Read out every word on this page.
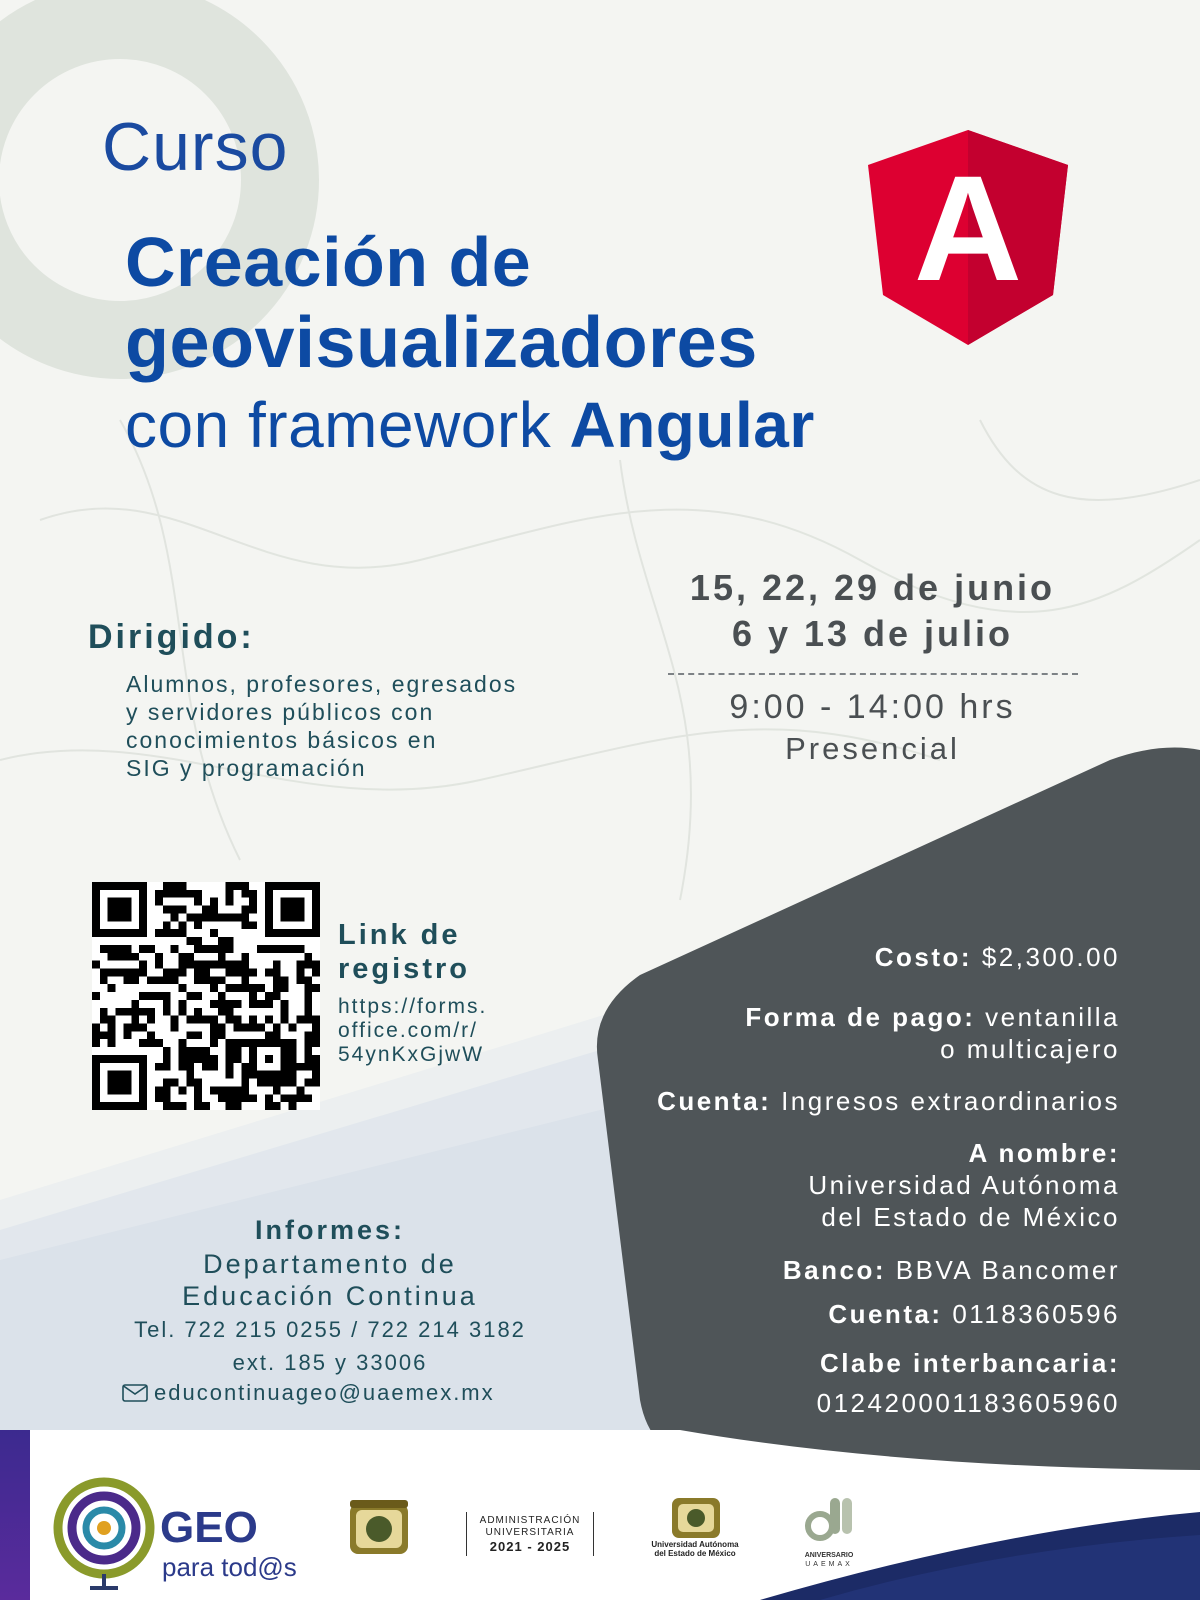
Curso
Creación de
geovisualizadores
con framework Angular
A
15, 22, 29 de junio
6 y 13 de julio
9:00 - 14:00 hrs
Presencial
Dirigido:
Alumnos, profesores, egresados
y servidores públicos con
conocimientos básicos en
SIG y programación
Link de
registro
https://forms.
office.com/r/
54ynKxGjwW
Informes:
Departamento de
Educación Continua
Tel. 722 215 0255 / 722 214 3182
ext. 185 y 33006
educontinuageo@uaemex.mx
Costo: $2,300.00
Forma de pago: ventanilla
o multicajero
Cuenta: Ingresos extraordinarios
A nombre:
Universidad Autónoma
del Estado de México
Banco: BBVA Bancomer
Cuenta: 0118360596
Clabe interbancaria:
012420001183605960
GEO
para tod@s
ADMINISTRACIÓN
UNIVERSITARIA
2021 - 2025	Universidad Autónoma
del Estado de México	ANIVERSARIO
UAEMAX
